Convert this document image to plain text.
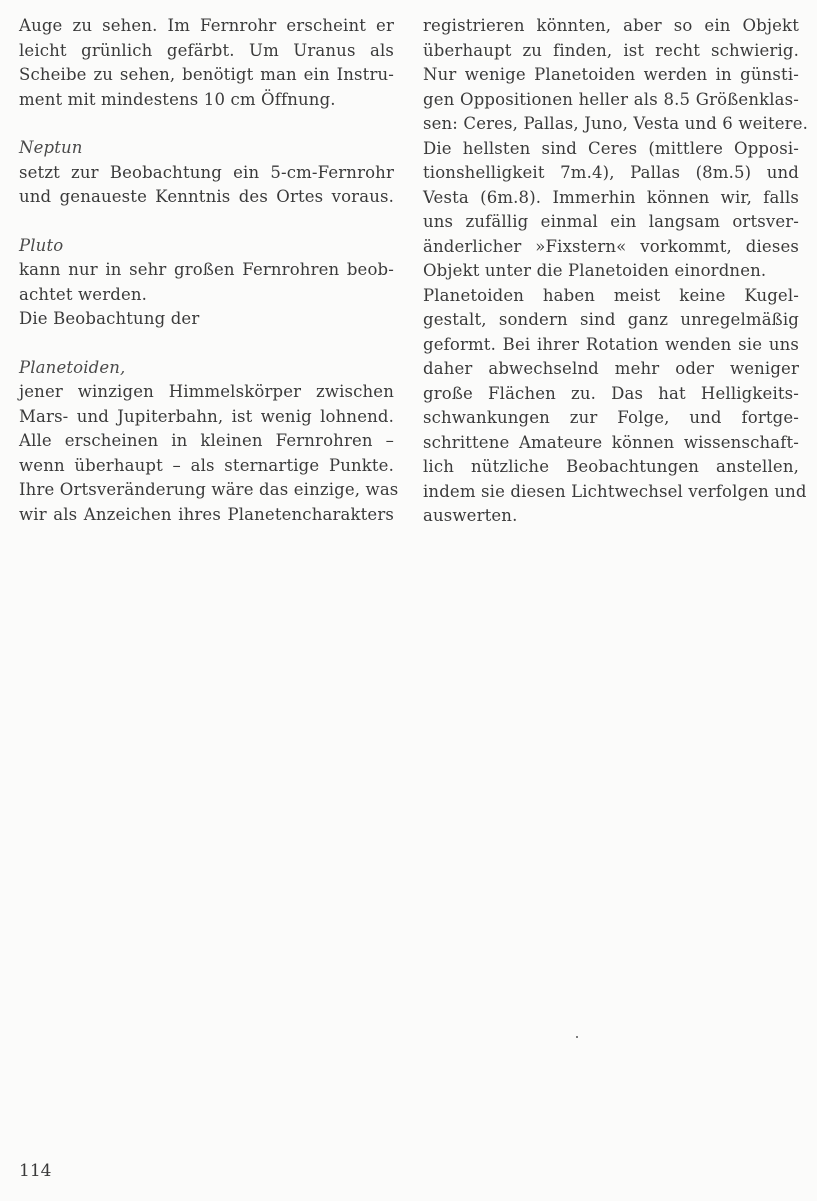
Auge zu sehen. Im Fernrohr erscheint er
leicht grünlich gefärbt. Um Uranus als
Scheibe zu sehen, benötigt man ein Instru-
ment mit mindestens 10 cm Öffnung.
Neptun
setzt zur Beobachtung ein 5-cm-Fernrohr
und genaueste Kenntnis des Ortes voraus.
Pluto
kann nur in sehr großen Fernrohren beob-
achtet werden.
Die Beobachtung der
Planetoiden,
jener winzigen Himmelskörper zwischen
Mars- und Jupiterbahn, ist wenig lohnend.
Alle erscheinen in kleinen Fernrohren –
wenn überhaupt – als sternartige Punkte.
Ihre Ortsveränderung wäre das einzige, was
wir als Anzeichen ihres Planetencharakters
registrieren könnten, aber so ein Objekt
überhaupt zu finden, ist recht schwierig.
Nur wenige Planetoiden werden in günsti-
gen Oppositionen heller als 8.5 Größenklas-
sen: Ceres, Pallas, Juno, Vesta und 6 weitere.
Die hellsten sind Ceres (mittlere Opposi-
tionshelligkeit 7m.4), Pallas (8m.5) und
Vesta (6m.8). Immerhin können wir, falls
uns zufällig einmal ein langsam ortsver-
änderlicher »Fixstern« vorkommt, dieses
Objekt unter die Planetoiden einordnen.
Planetoiden haben meist keine Kugel-
gestalt, sondern sind ganz unregelmäßig
geformt. Bei ihrer Rotation wenden sie uns
daher abwechselnd mehr oder weniger
große Flächen zu. Das hat Helligkeits-
schwankungen zur Folge, und fortge-
schrittene Amateure können wissenschaft-
lich nützliche Beobachtungen anstellen,
indem sie diesen Lichtwechsel verfolgen und
auswerten.
114
